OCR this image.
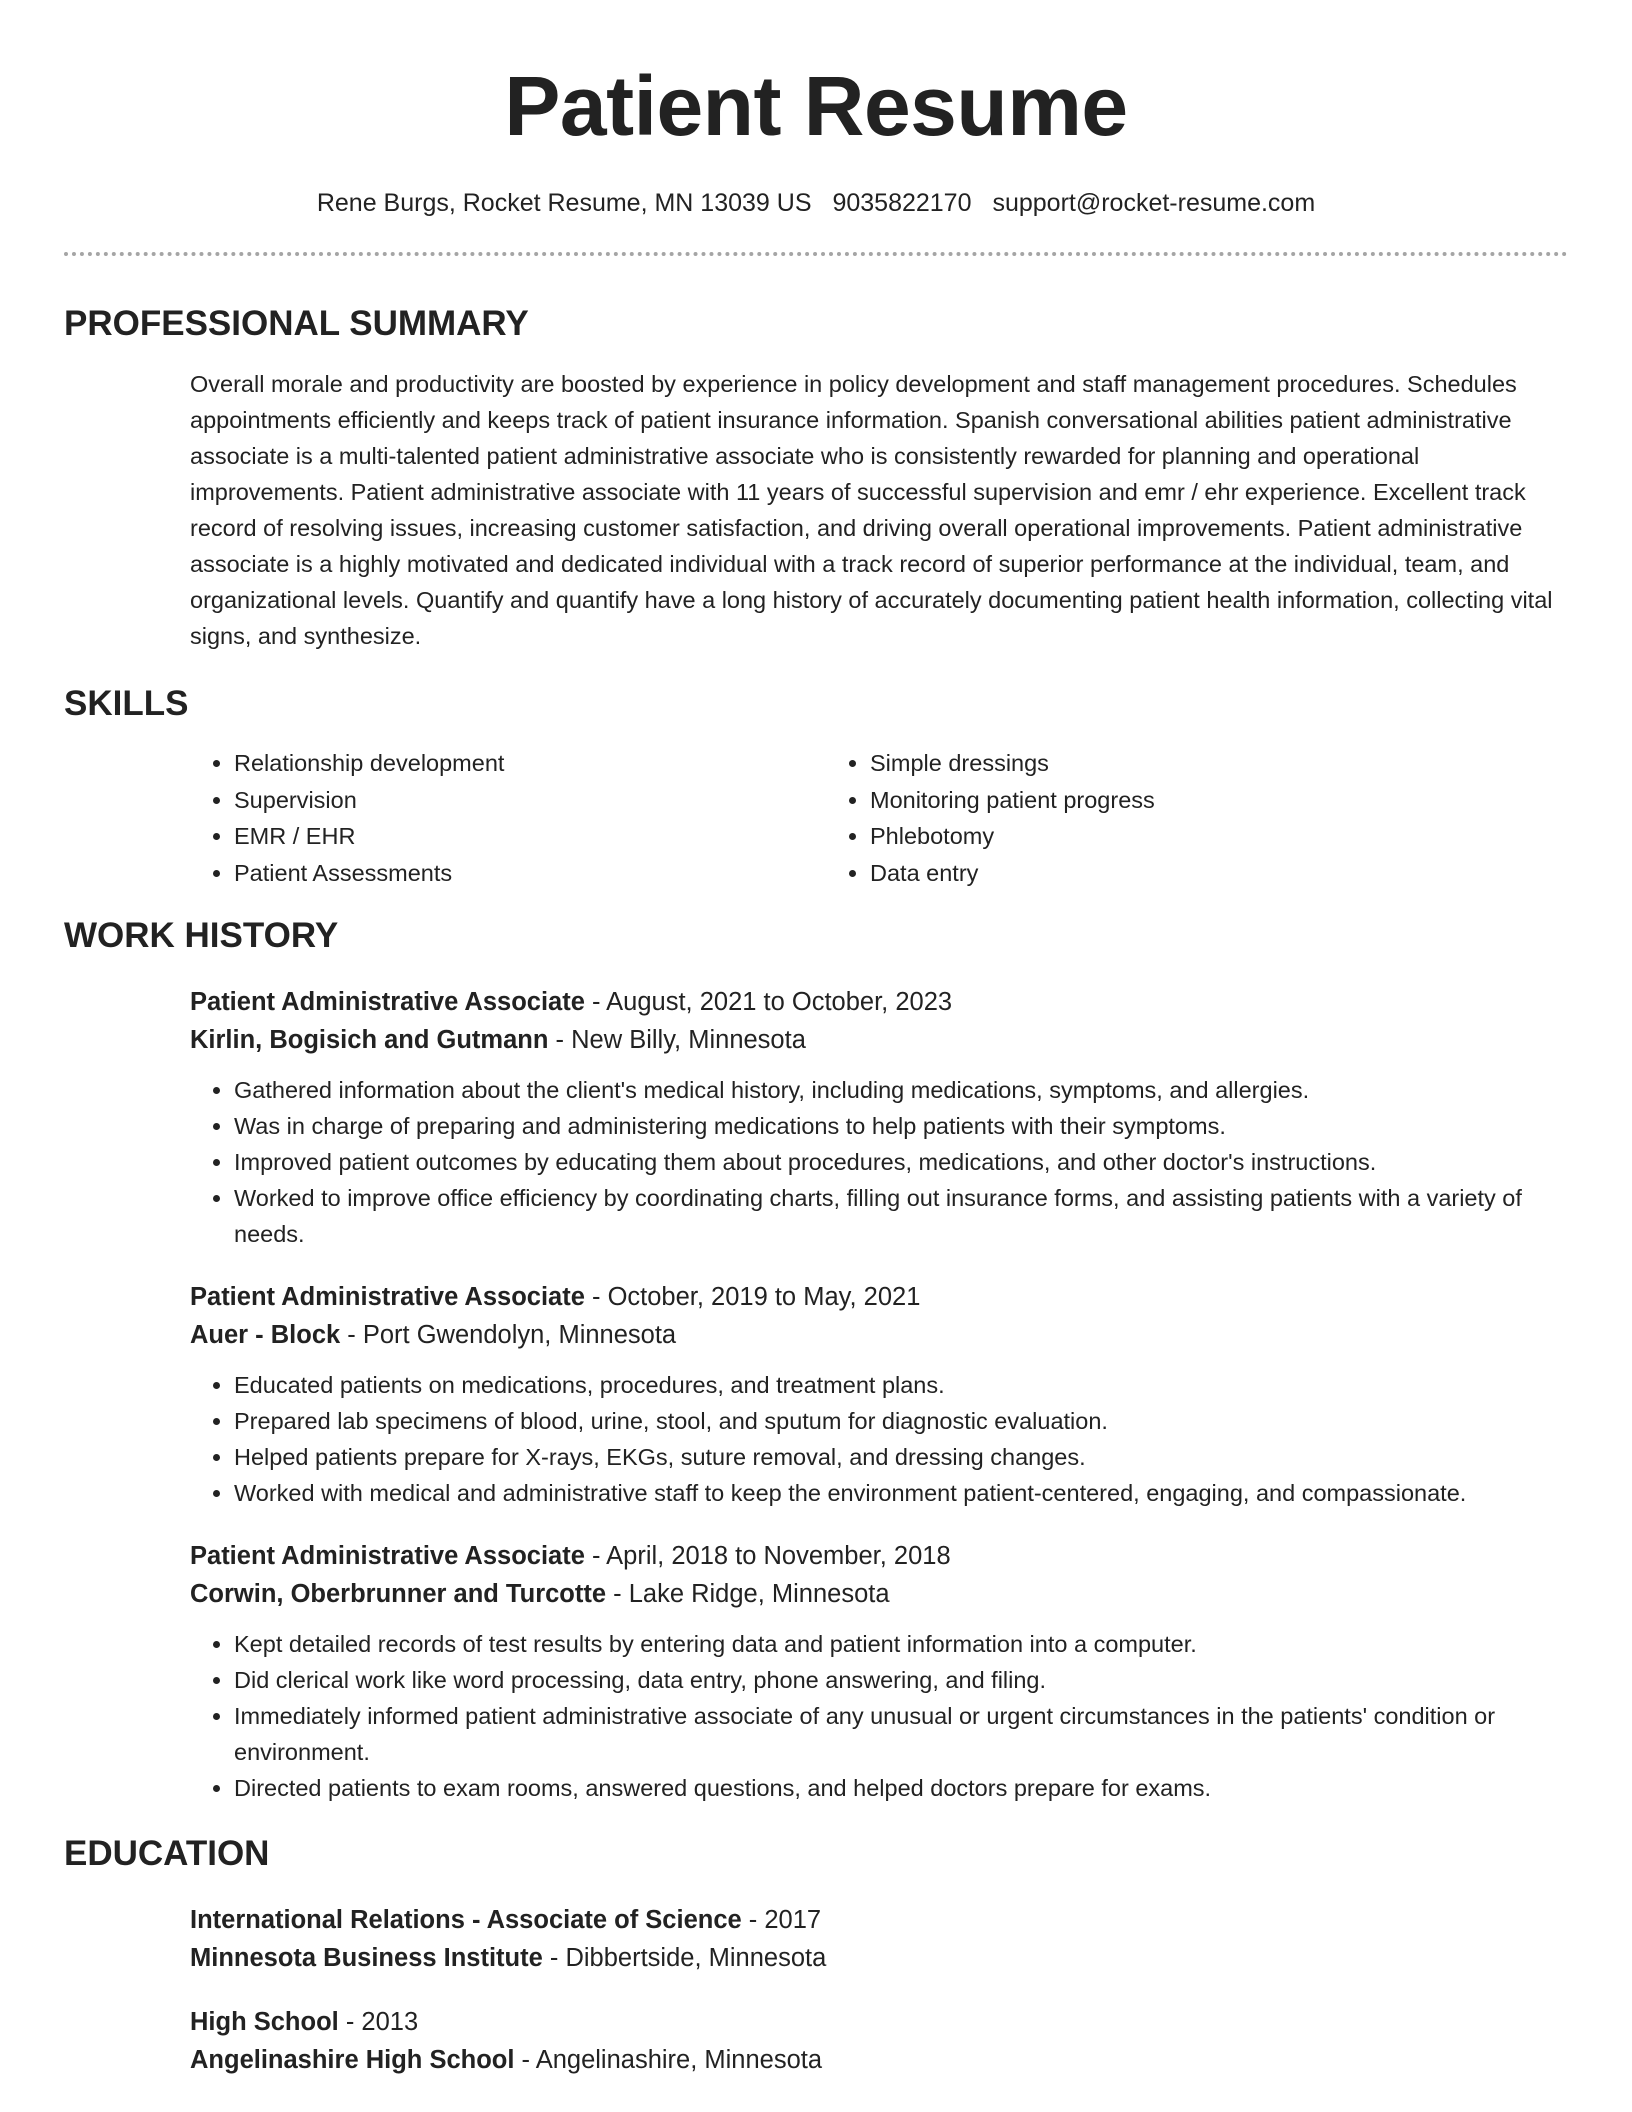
Patient Resume
Rene Burgs, Rocket Resume, MN 13039 US 9035822170 support@rocket-resume.com
PROFESSIONAL SUMMARY

Overall morale and productivity are boosted by experience in policy development and staff management procedures. Schedules appointments efficiently and keeps track of patient insurance information. Spanish conversational abilities patient administrative associate is a multi-talented patient administrative associate who is consistently rewarded for planning and operational improvements. Patient administrative associate with 11 years of successful supervision and emr / ehr experience. Excellent track record of resolving issues, increasing customer satisfaction, and driving overall operational improvements. Patient administrative associate is a highly motivated and dedicated individual with a track record of superior performance at the individual, team, and organizational levels. Quantify and quantify have a long history of accurately documenting patient health information, collecting vital signs, and synthesize.

SKILLS
• Relationship development
• Supervision
• EMR / EHR
• Patient Assessments
• Simple dressings
• Monitoring patient progress
• Phlebotomy
• Data entry
WORK HISTORY
Patient Administrative Associate - August, 2021 to October, 2023
Kirlin, Bogisich and Gutmann - New Billy, Minnesota
• Gathered information about the client's medical history, including medications, symptoms, and allergies.
• Was in charge of preparing and administering medications to help patients with their symptoms.
• Improved patient outcomes by educating them about procedures, medications, and other doctor's instructions.
• Worked to improve office efficiency by coordinating charts, filling out insurance forms, and assisting patients with a variety of needs.
Patient Administrative Associate - October, 2019 to May, 2021
Auer - Block - Port Gwendolyn, Minnesota
• Educated patients on medications, procedures, and treatment plans.
• Prepared lab specimens of blood, urine, stool, and sputum for diagnostic evaluation.
• Helped patients prepare for X-rays, EKGs, suture removal, and dressing changes.
• Worked with medical and administrative staff to keep the environment patient-centered, engaging, and compassionate.
Patient Administrative Associate - April, 2018 to November, 2018
Corwin, Oberbrunner and Turcotte - Lake Ridge, Minnesota
• Kept detailed records of test results by entering data and patient information into a computer.
• Did clerical work like word processing, data entry, phone answering, and filing.
• Immediately informed patient administrative associate of any unusual or urgent circumstances in the patients' condition or environment.
• Directed patients to exam rooms, answered questions, and helped doctors prepare for exams.
EDUCATION
International Relations - Associate of Science - 2017
Minnesota Business Institute - Dibbertside, Minnesota
High School - 2013
Angelinashire High School - Angelinashire, Minnesota
